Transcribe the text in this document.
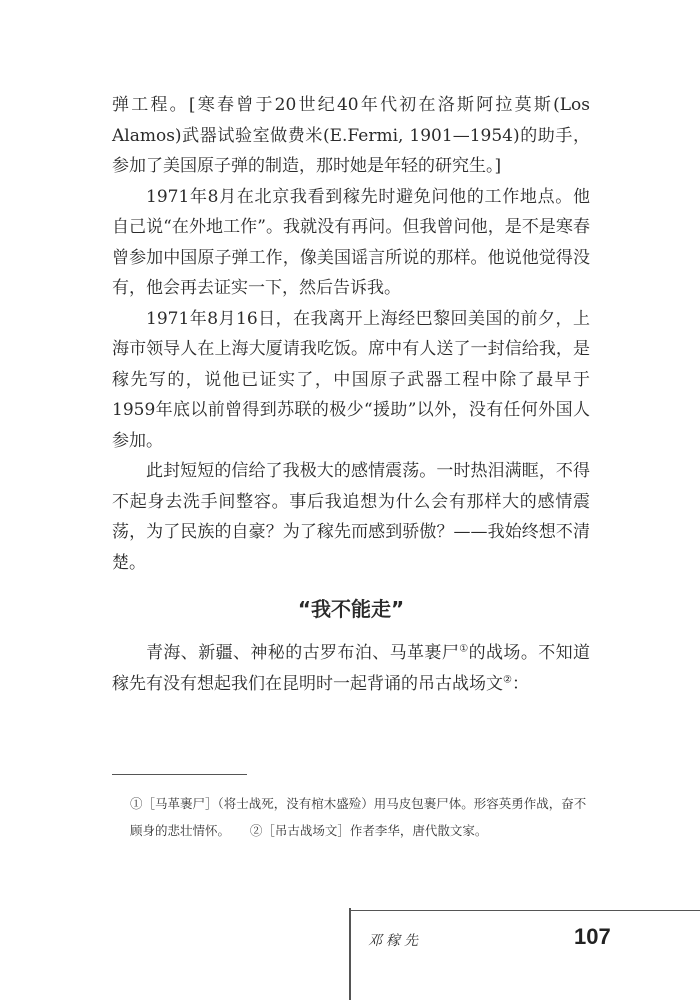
弹工程。[寒春曾于20世纪40年代初在洛斯阿拉莫斯(Los Alamos)武器试验室做费米(E.Fermi, 1901—1954)的助手，参加了美国原子弹的制造，那时她是年轻的研究生。]

1971年8月在北京我看到稼先时避免问他的工作地点。他自己说“在外地工作”。我就没有再问。但我曾问他，是不是寒春曾参加中国原子弹工作，像美国谣言所说的那样。他说他觉得没有，他会再去证实一下，然后告诉我。

1971年8月16日，在我离开上海经巴黎回美国的前夕，上海市领导人在上海大厦请我吃饭。席中有人送了一封信给我，是稼先写的，说他已证实了，中国原子武器工程中除了最早于1959年底以前曾得到苏联的极少“援助”以外，没有任何外国人参加。

此封短短的信给了我极大的感情震荡。一时热泪满眶，不得不起身去洗手间整容。事后我追想为什么会有那样大的感情震荡，为了民族的自豪？为了稼先而感到骄傲？——我始终想不清楚。

“我不能走”

青海、新疆、神秘的古罗布泊、马革裹尸①的战场。不知道稼先有没有想起我们在昆明时一起背诵的吊古战场文②：

①［马革裹尸］（将士战死，没有棺木盛殓）用马皮包裹尸体。形容英勇作战，奋不顾身的悲壮情怀。 ②［吊古战场文］作者李华，唐代散文家。

邓稼先	107
